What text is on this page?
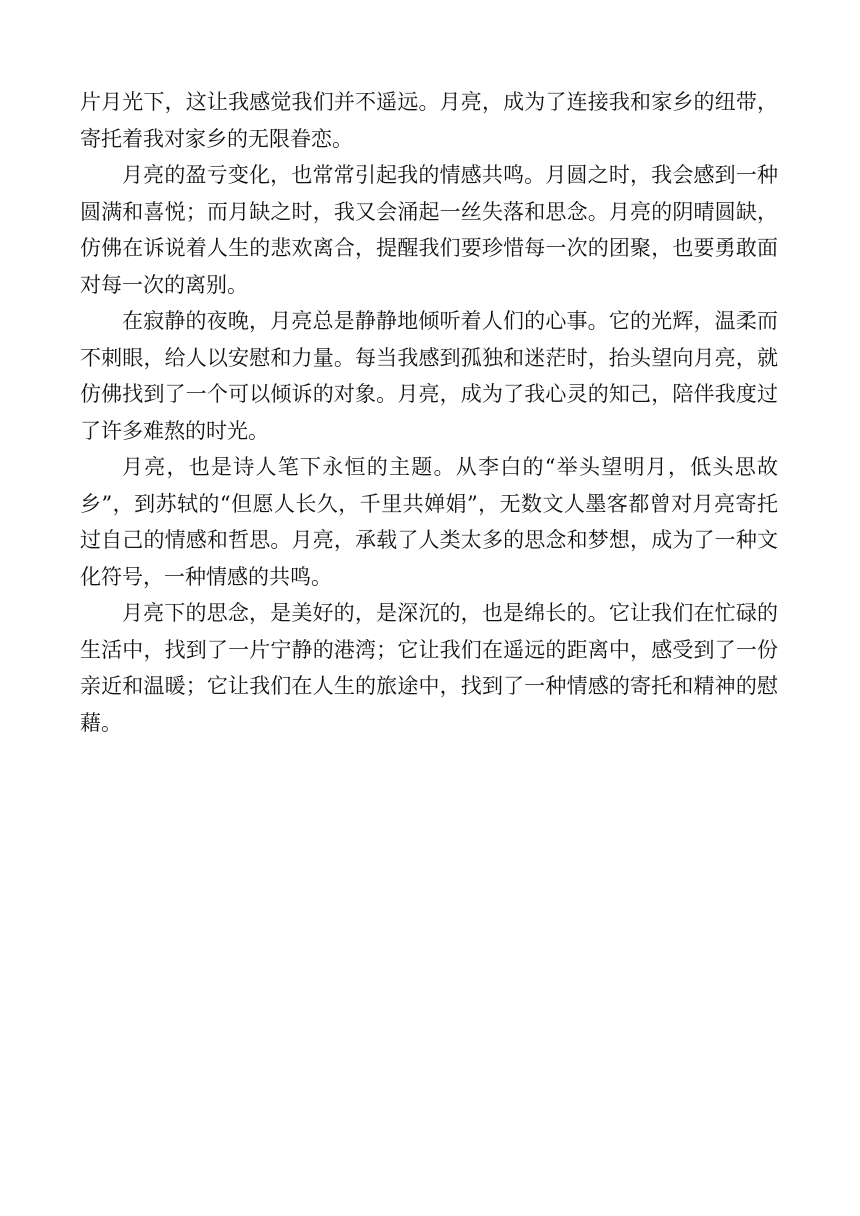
片月光下，这让我感觉我们并不遥远。月亮，成为了连接我和家乡的纽带，寄托着我对家乡的无限眷恋。

月亮的盈亏变化，也常常引起我的情感共鸣。月圆之时，我会感到一种圆满和喜悦；而月缺之时，我又会涌起一丝失落和思念。月亮的阴晴圆缺，仿佛在诉说着人生的悲欢离合，提醒我们要珍惜每一次的团聚，也要勇敢面对每一次的离别。

在寂静的夜晚，月亮总是静静地倾听着人们的心事。它的光辉，温柔而不刺眼，给人以安慰和力量。每当我感到孤独和迷茫时，抬头望向月亮，就仿佛找到了一个可以倾诉的对象。月亮，成为了我心灵的知己，陪伴我度过了许多难熬的时光。

月亮，也是诗人笔下永恒的主题。从李白的“举头望明月，低头思故乡”，到苏轼的“但愿人长久，千里共婵娟”，无数文人墨客都曾对月亮寄托过自己的情感和哲思。月亮，承载了人类太多的思念和梦想，成为了一种文化符号，一种情感的共鸣。

月亮下的思念，是美好的，是深沉的，也是绵长的。它让我们在忙碌的生活中，找到了一片宁静的港湾；它让我们在遥远的距离中，感受到了一份亲近和温暖；它让我们在人生的旅途中，找到了一种情感的寄托和精神的慰藉。
